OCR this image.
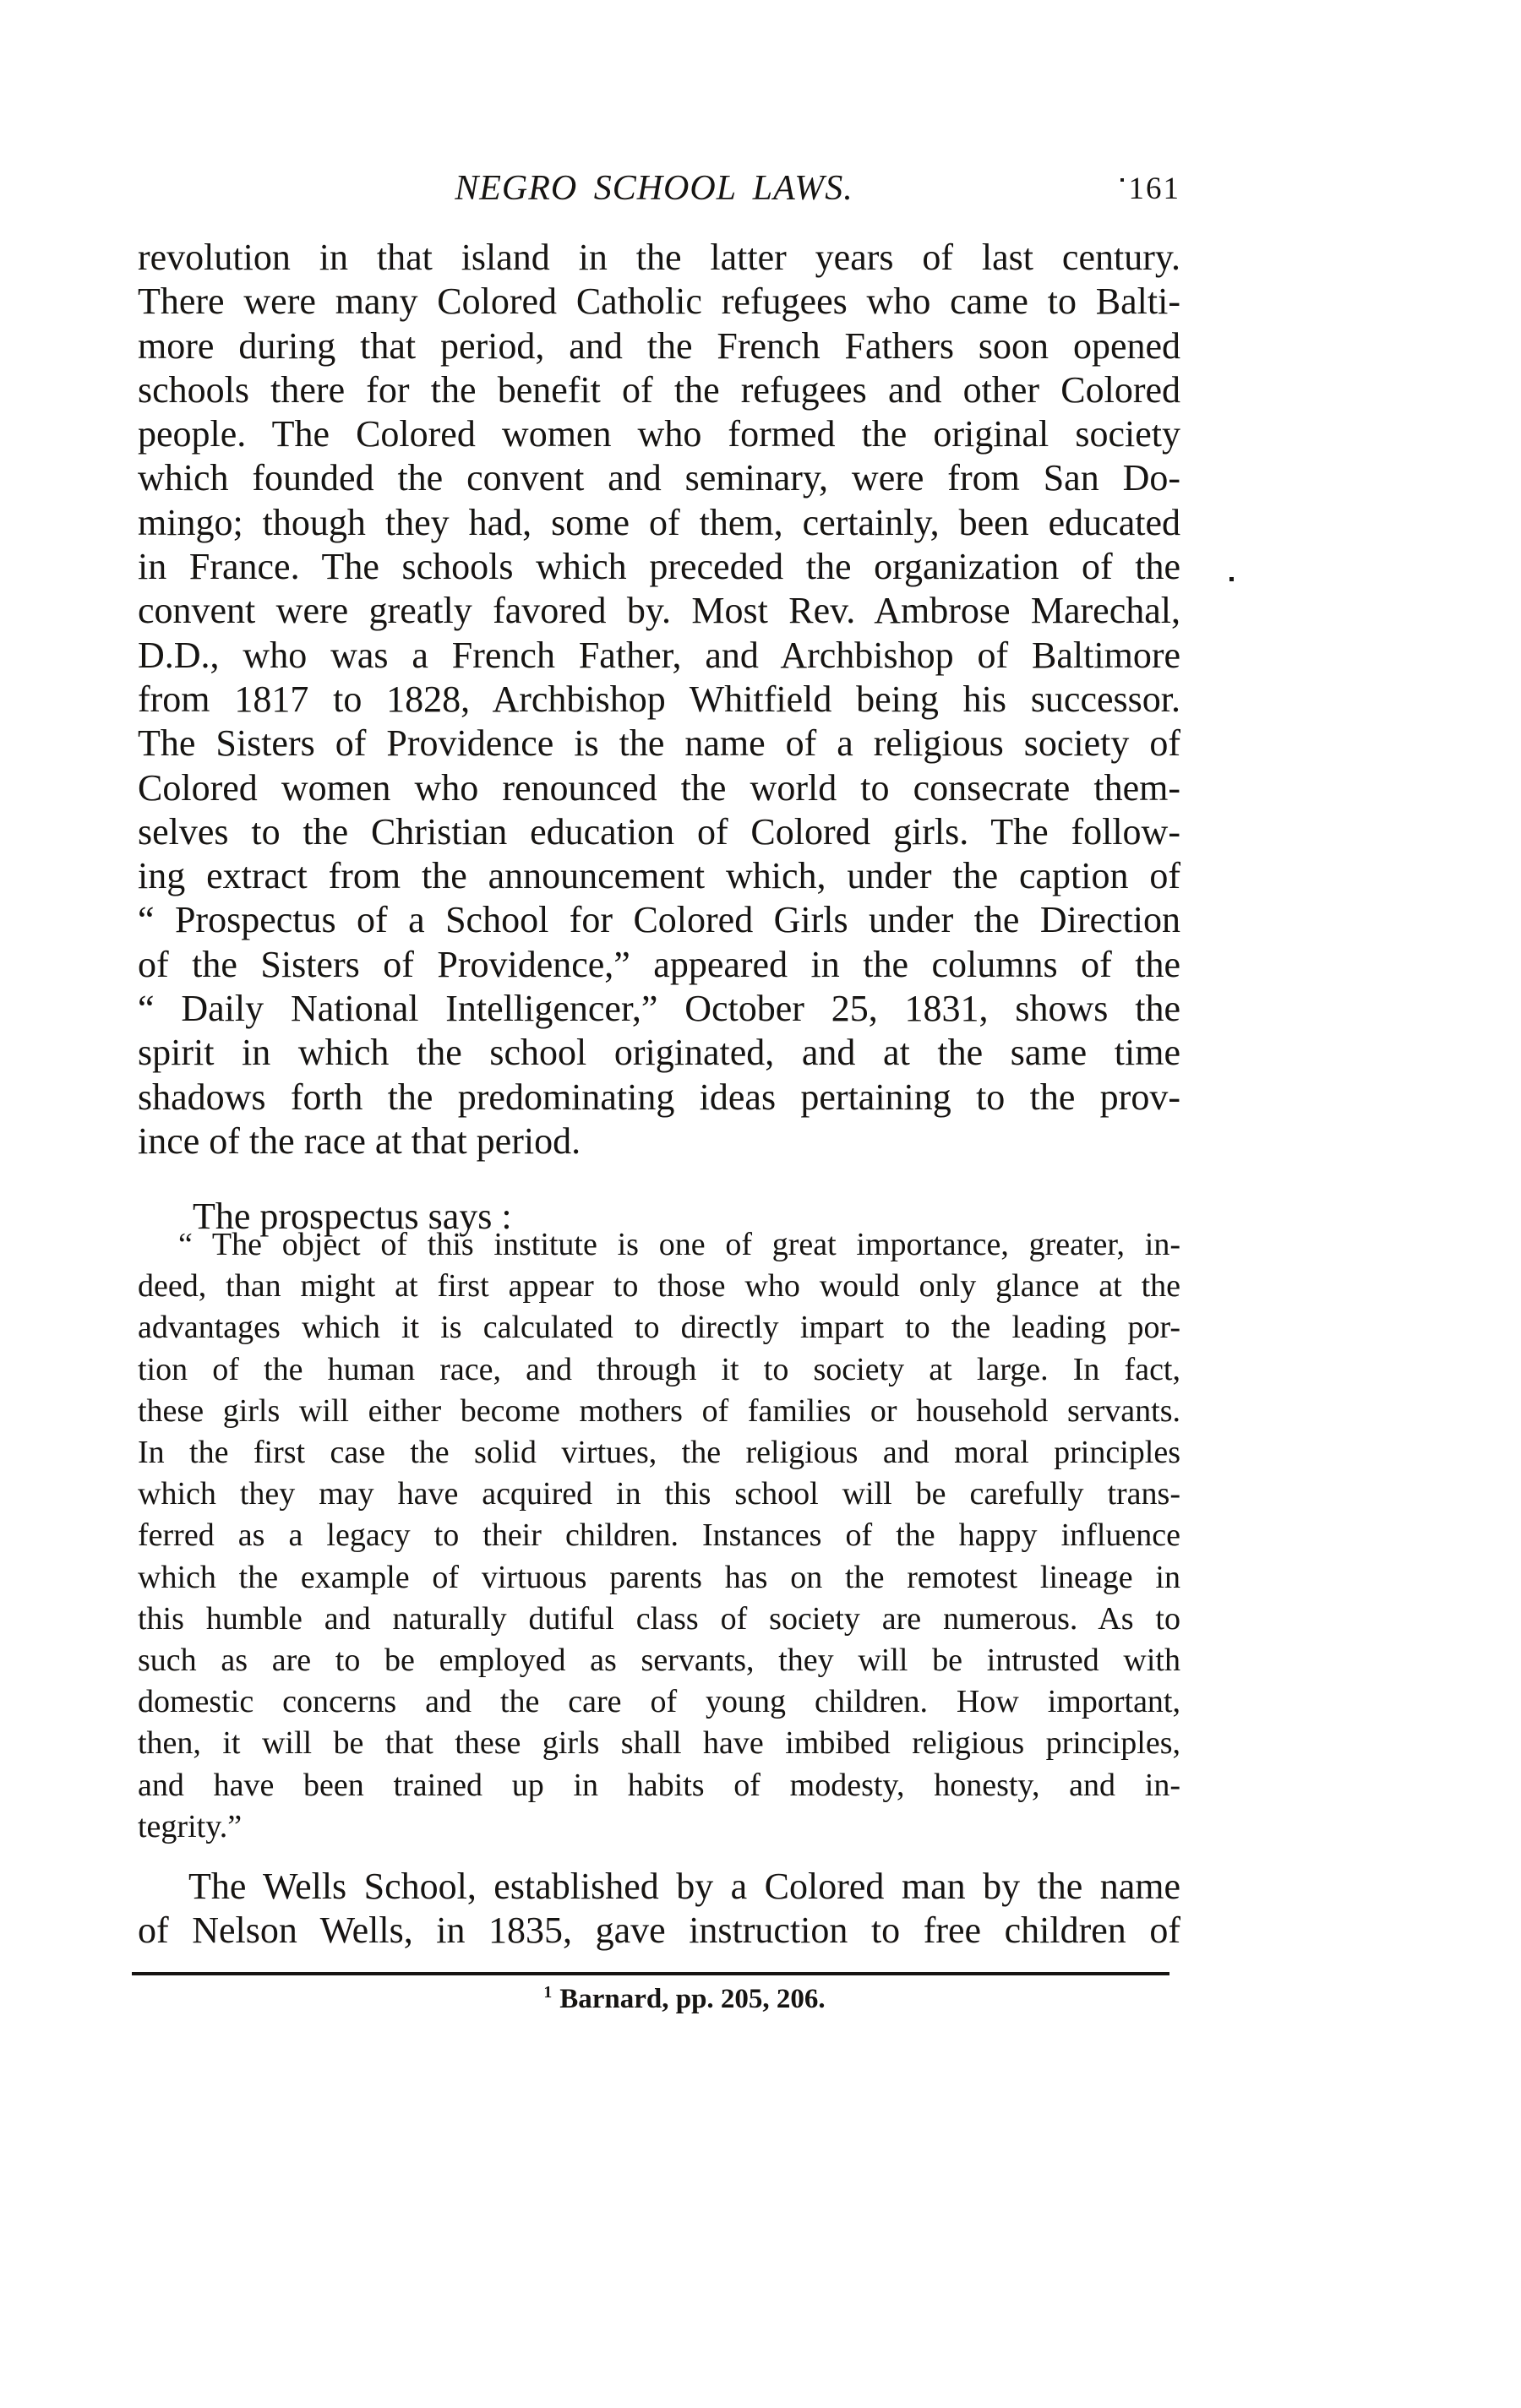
NEGRO SCHOOL LAWS.	161
revolution in that island in the latter years of last century.
There were many Colored Catholic refugees who came to Balti-
more during that period, and the French Fathers soon opened
schools there for the benefit of the refugees and other Colored
people. The Colored women who formed the original society
which founded the convent and seminary, were from San Do-
mingo; though they had, some of them, certainly, been educated
in France. The schools which preceded the organization of the
convent were greatly favored by. Most Rev. Ambrose Marechal,
D.D., who was a French Father, and Archbishop of Baltimore
from 1817 to 1828, Archbishop Whitfield being his successor.
The Sisters of Providence is the name of a religious society of
Colored women who renounced the world to consecrate them-
selves to the Christian education of Colored girls. The follow-
ing extract from the announcement which, under the caption of
“ Prospectus of a School for Colored Girls under the Direction
of the Sisters of Providence,” appeared in the columns of the
“ Daily National Intelligencer,” October 25, 1831, shows the
spirit in which the school originated, and at the same time
shadows forth the predominating ideas pertaining to the prov-
ince of the race at that period.

The prospectus says :

“ The object of this institute is one of great importance, greater, in-
deed, than might at first appear to those who would only glance at the
advantages which it is calculated to directly impart to the leading por-
tion of the human race, and through it to society at large. In fact,
these girls will either become mothers of families or household servants.
In the first case the solid virtues, the religious and moral principles
which they may have acquired in this school will be carefully trans-
ferred as a legacy to their children. Instances of the happy influence
which the example of virtuous parents has on the remotest lineage in
this humble and naturally dutiful class of society are numerous. As to
such as are to be employed as servants, they will be intrusted with
domestic concerns and the care of young children. How important,
then, it will be that these girls shall have imbibed religious principles,
and have been trained up in habits of modesty, honesty, and in-
tegrity.”
The Wells School, established by a Colored man by the name
of Nelson Wells, in 1835, gave instruction to free children of
$^1$ Barnard, pp. 205, 206.
